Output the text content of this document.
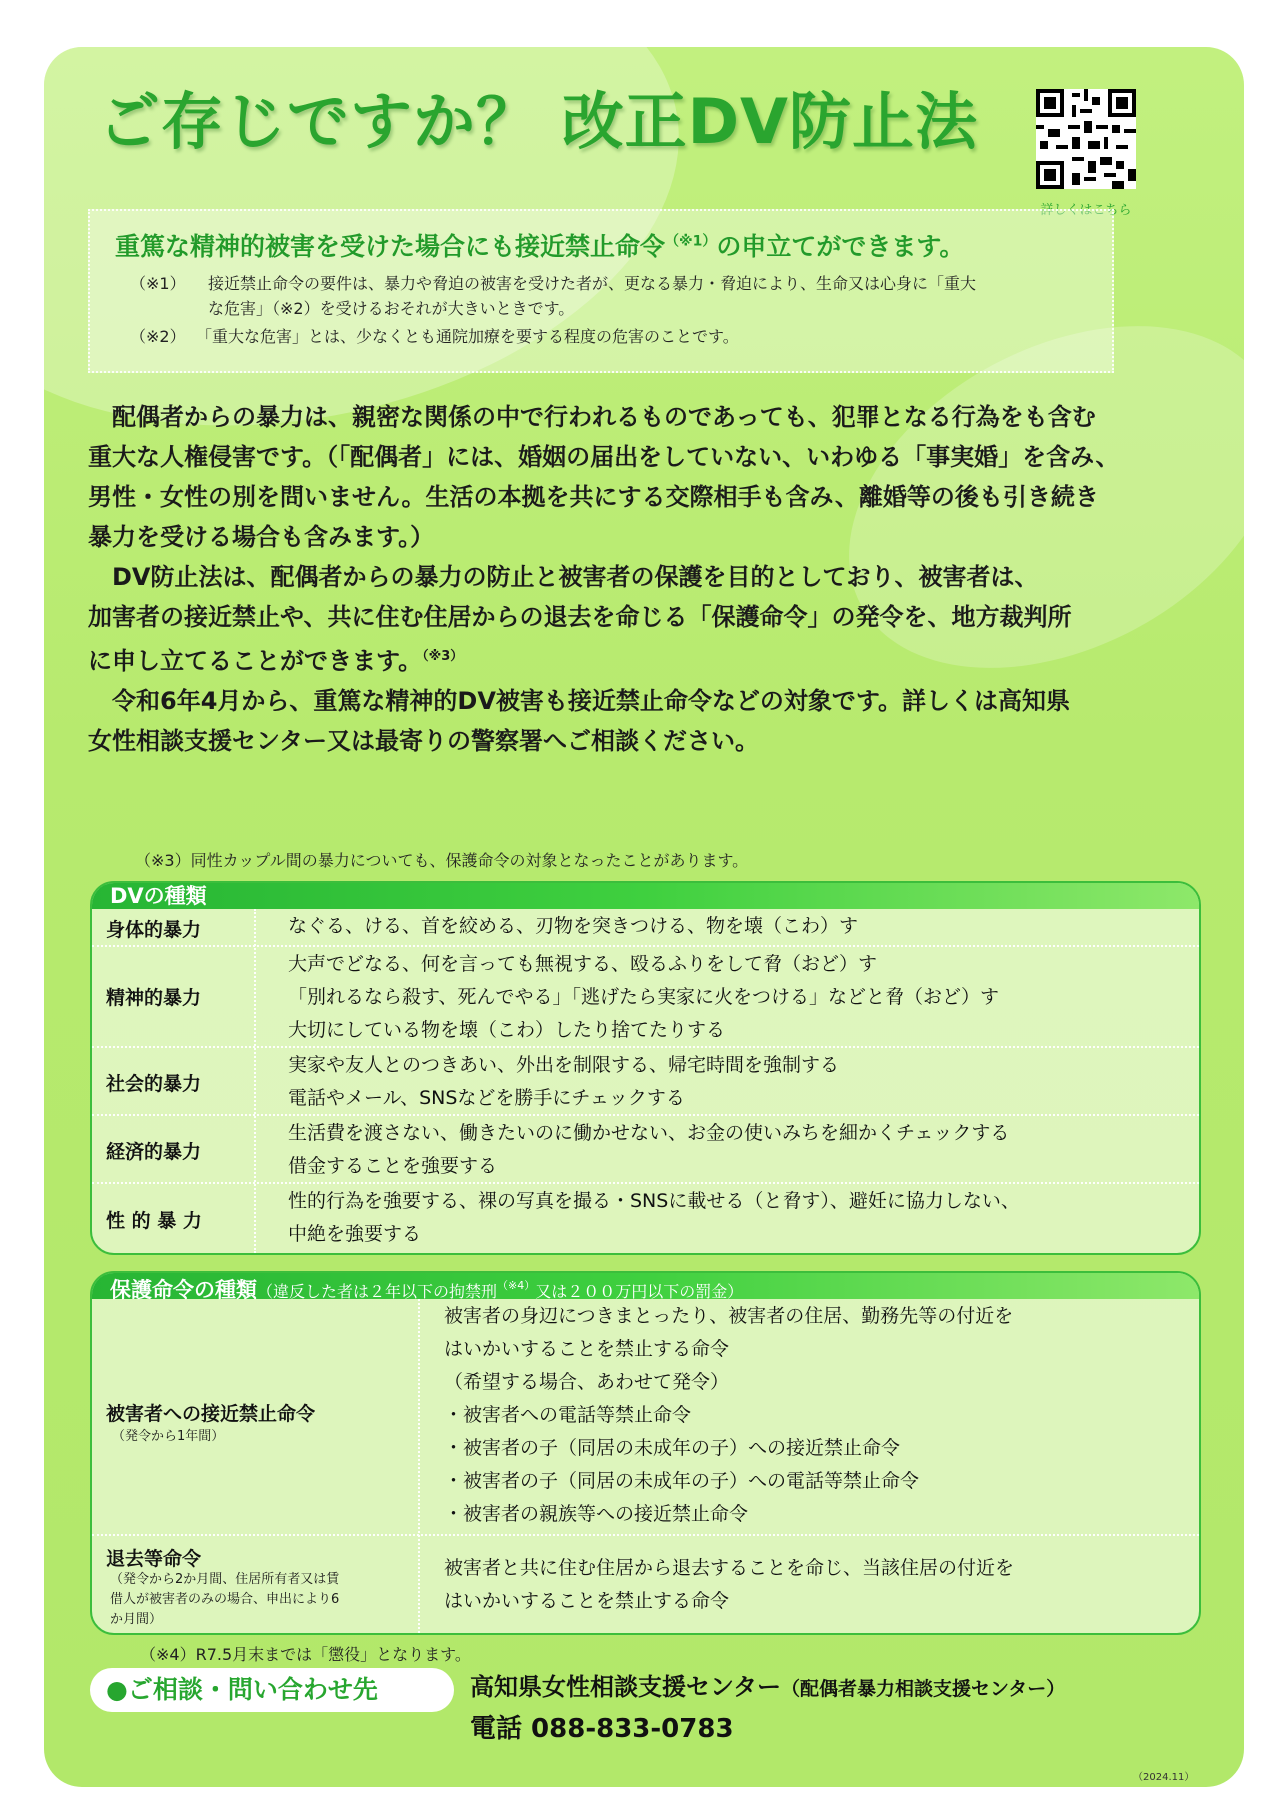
ご存じですか？ 改正DV防止法
詳しくはこちら
重篤な精神的被害を受けた場合にも接近禁止命令$^{(※1)}$の申立てができます。
（※1） 接近禁止命令の要件は、暴力や脅迫の被害を受けた者が、更なる暴力・脅迫により、生命又は心身に「重大
な危害」（※2）を受けるおそれが大きいときです。
（※2） 「重大な危害」とは、少なくとも通院加療を要する程度の危害のことです。

　配偶者からの暴力は、親密な関係の中で行われるものであっても、犯罪となる行為をも含む

重大な人権侵害です。（「配偶者」には、婚姻の届出をしていない、いわゆる「事実婚」を含み、

男性・女性の別を問いません。生活の本拠を共にする交際相手も含み、離婚等の後も引き続き

暴力を受ける場合も含みます。）

　DV防止法は、配偶者からの暴力の防止と被害者の保護を目的としており、被害者は、

加害者の接近禁止や、共に住む住居からの退去を命じる「保護命令」の発令を、地方裁判所

に申し立てることができます。$^{(※3)}$

　令和6年4月から、重篤な精神的DV被害も接近禁止命令などの対象です。詳しくは高知県

女性相談支援センター又は最寄りの警察署へご相談ください。

（※3）同性カップル間の暴力についても、保護命令の対象となったことがあります。
DVの種類
身体的暴力	なぐる、ける、首を絞める、刃物を突きつける、物を壊（こわ）す
精神的暴力
大声でどなる、何を言っても無視する、殴るふりをして脅（おど）す
「別れるなら殺す、死んでやる」「逃げたら実家に火をつける」などと脅（おど）す
大切にしている物を壊（こわ）したり捨てたりする
社会的暴力
実家や友人とのつきあい、外出を制限する、帰宅時間を強制する
電話やメール、SNSなどを勝手にチェックする
経済的暴力
生活費を渡さない、働きたいのに働かせない、お金の使いみちを細かくチェックする
借金することを強要する
性 的 暴 力
性的行為を強要する、裸の写真を撮る・SNSに載せる（と脅す）、避妊に協力しない、
中絶を強要する
保護命令の種類（違反した者は２年以下の拘禁刑$^{(※4)}$又は２００万円以下の罰金）
被害者への接近禁止命令
（発令から1年間）
被害者の身辺につきまとったり、被害者の住居、勤務先等の付近を
はいかいすることを禁止する命令
（希望する場合、あわせて発令）
・被害者への電話等禁止命令
・被害者の子（同居の未成年の子）への接近禁止命令
・被害者の子（同居の未成年の子）への電話等禁止命令
・被害者の親族等への接近禁止命令
退去等命令
（発令から2か月間、住居所有者又は賃
借人が被害者のみの場合、申出により6
か月間）
被害者と共に住む住居から退去することを命じ、当該住居の付近を
はいかいすることを禁止する命令
（※4）R7.5月末までは「懲役」となります。
●ご相談・問い合わせ先	高知県女性相談支援センター（配偶者暴力相談支援センター）
電話 088-833-0783
（2024.11）
